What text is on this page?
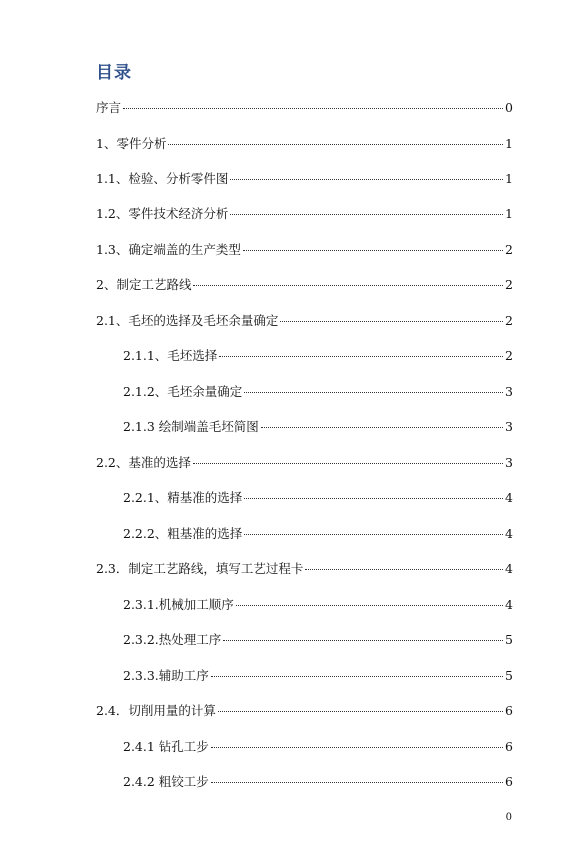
目录
序言	0
1、零件分析	1
1.1、检验、分析零件图	1
1.2、零件技术经济分析	1
1.3、确定端盖的生产类型	2
2、制定工艺路线	2
2.1、毛坯的选择及毛坯余量确定	2
2.1.1、毛坯选择	2
2.1.2、毛坯余量确定	3
2.1.3 绘制端盖毛坯简图	3
2.2、基准的选择	3
2.2.1、精基准的选择	4
2.2.2、粗基准的选择	4
2.3．制定工艺路线，填写工艺过程卡	4
2.3.1.机械加工顺序	4
2.3.2.热处理工序	5
2.3.3.辅助工序	5
2.4．切削用量的计算	6
2.4.1 钻孔工步	6
2.4.2 粗铰工步	6
0
